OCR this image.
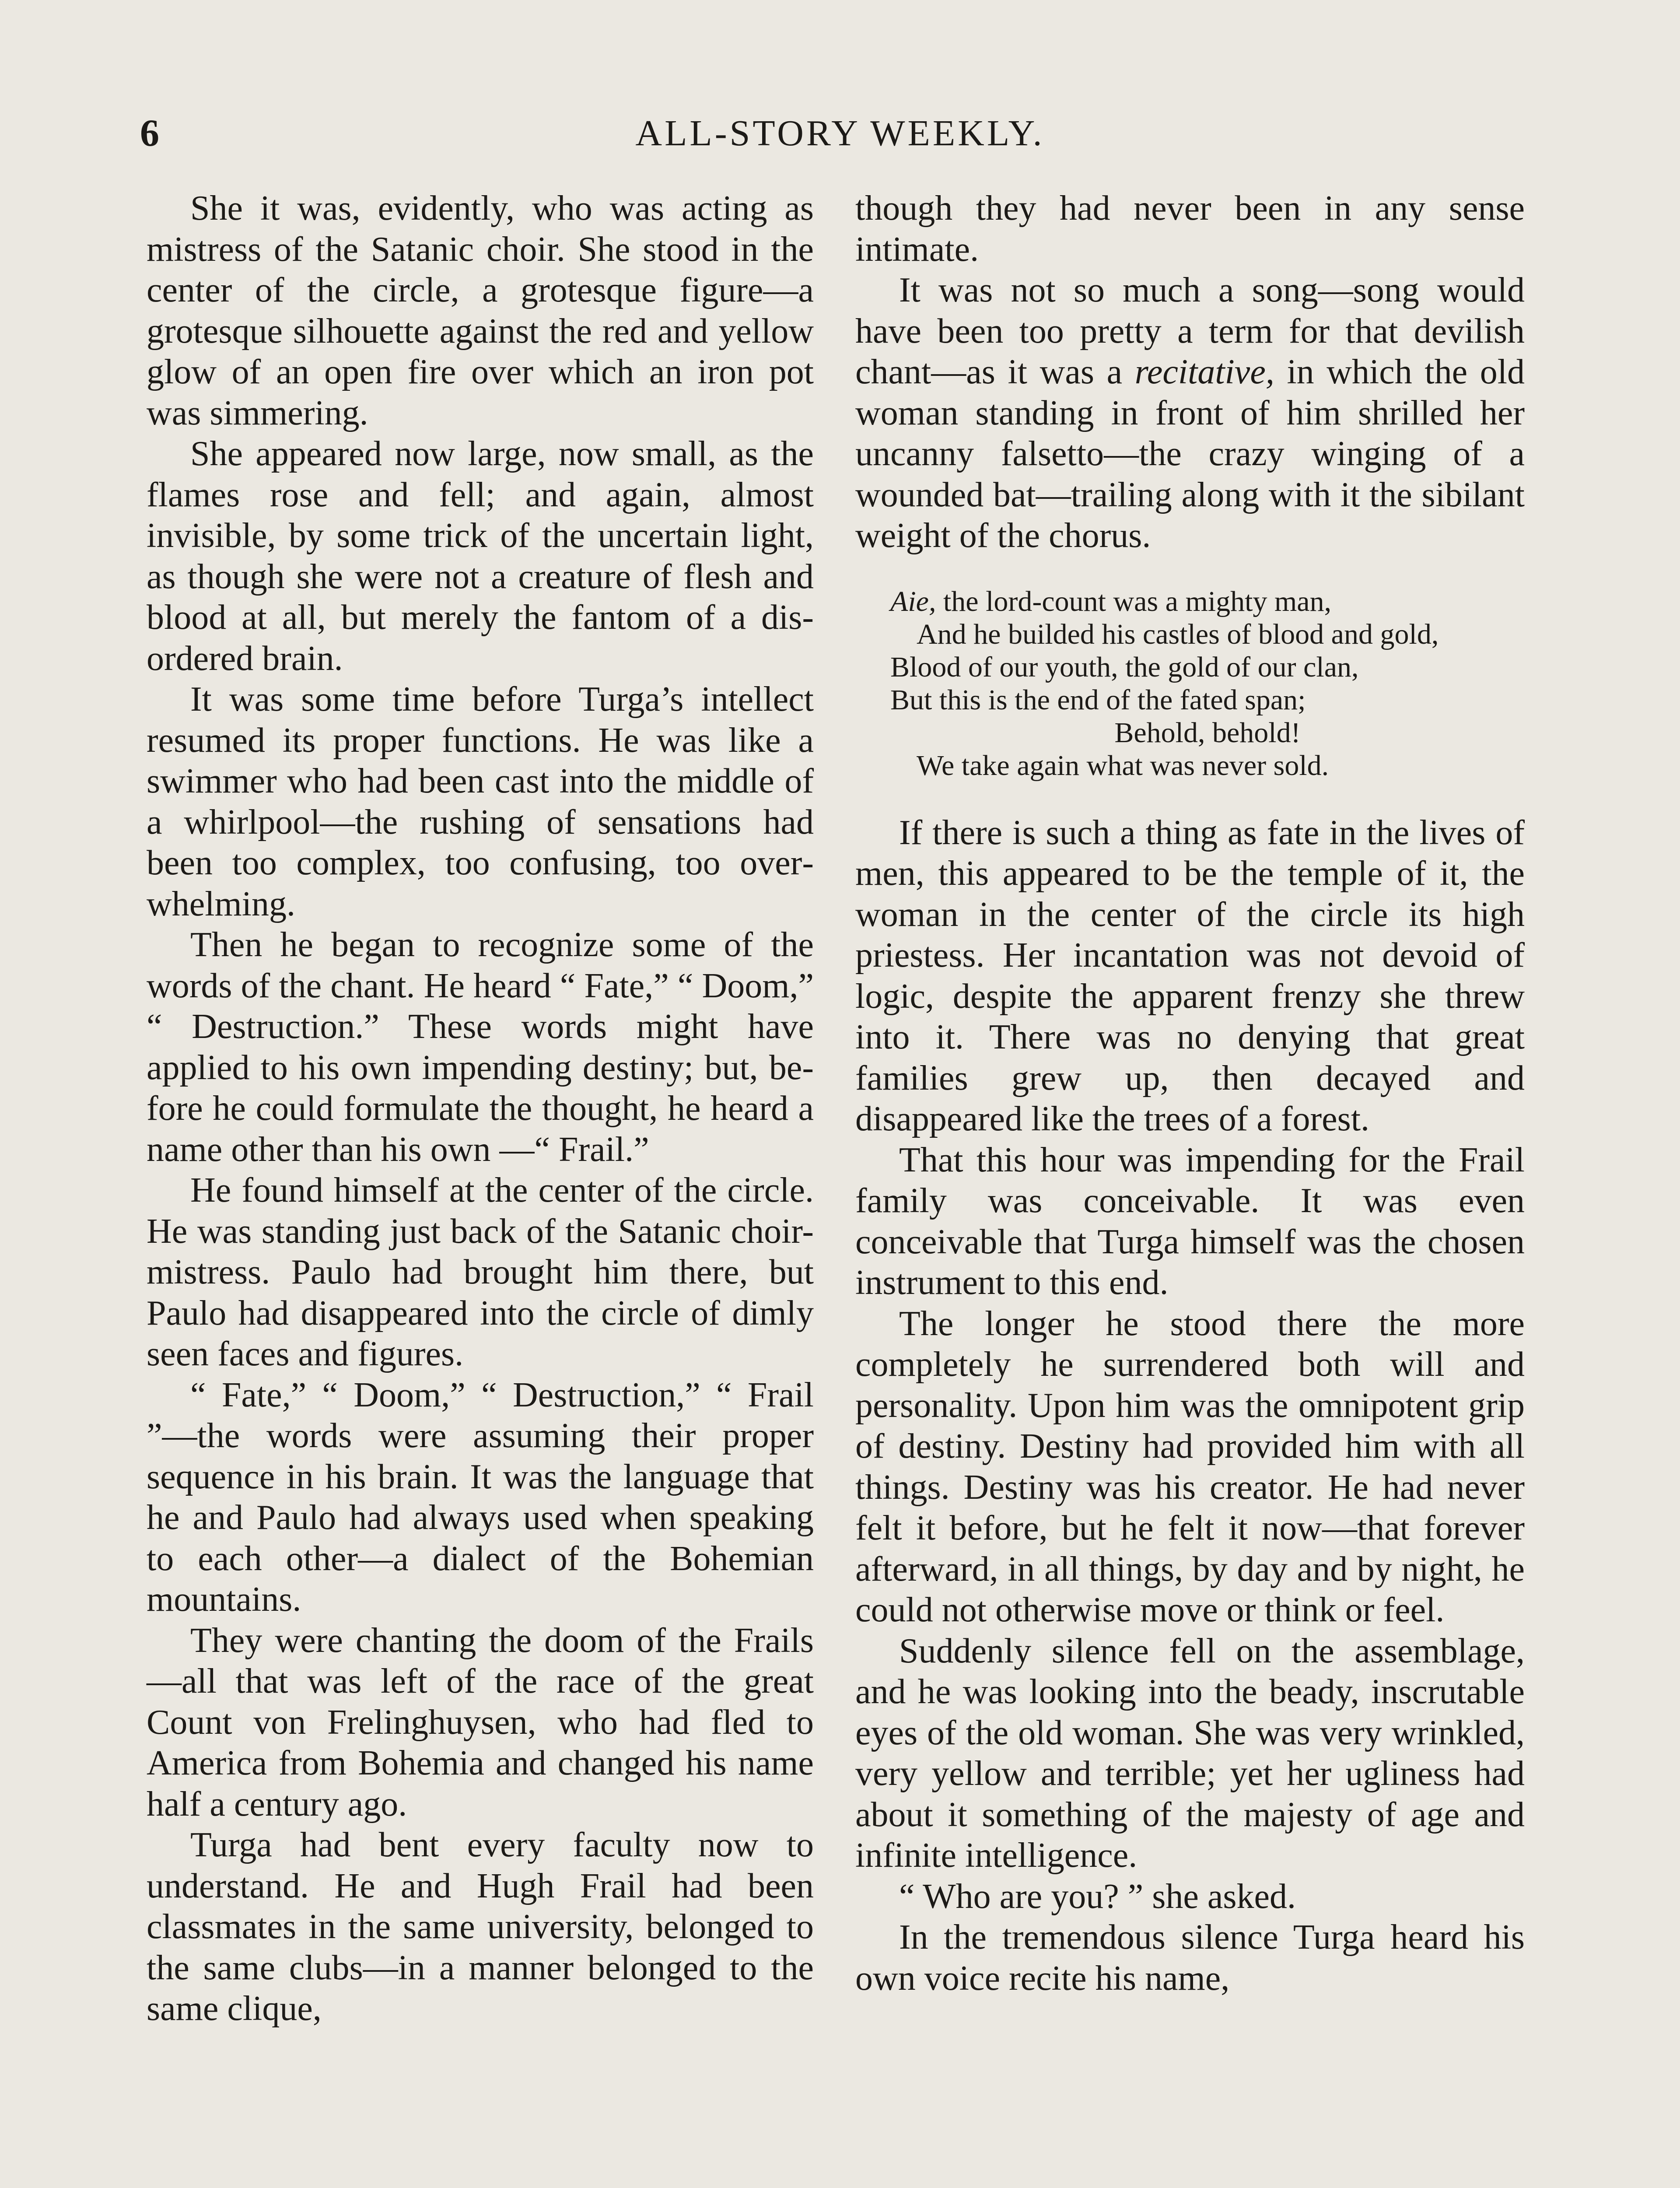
6	ALL-STORY WEEKLY.

She it was, evidently, who was acting as mistress of the Satanic choir. She stood in the center of the circle, a grotesque figure—a grotesque silhouette against the red and yellow glow of an open fire over which an iron pot was simmering.

She appeared now large, now small, as the flames rose and fell; and again, almost invisible, by some trick of the uncertain light, as though she were not a creature of flesh and blood at all, but merely the fantom of a disordered brain.

It was some time before Turga’s intellect resumed its proper functions. He was like a swimmer who had been cast into the middle of a whirlpool—the rushing of sensations had been too complex, too confusing, too overwhelming.

Then he began to recognize some of the words of the chant. He heard “ Fate,” “ Doom,” “ Destruction.” These words might have applied to his own impending destiny; but, before he could formulate the thought, he heard a name other than his own —“ Frail.”

He found himself at the center of the circle. He was standing just back of the Satanic choir-mistress. Paulo had brought him there, but Paulo had disappeared into the circle of dimly seen faces and figures.

“ Fate,” “ Doom,” “ Destruction,” “ Frail ”—the words were assuming their proper sequence in his brain. It was the language that he and Paulo had always used when speaking to each other—a dialect of the Bohemian mountains.

They were chanting the doom of the Frails—all that was left of the race of the great Count von Frelinghuysen, who had fled to America from Bohemia and changed his name half a century ago.

Turga had bent every faculty now to understand. He and Hugh Frail had been classmates in the same university, belonged to the same clubs—in a manner belonged to the same clique,

though they had never been in any sense intimate.

It was not so much a song—song would have been too pretty a term for that devilish chant—as it was a recitative, in which the old woman standing in front of him shrilled her uncanny falsetto—the crazy winging of a wounded bat—trailing along with it the sibilant weight of the chorus.

Aie, the lord-count was a mighty man,
And he builded his castles of blood and gold,
Blood of our youth, the gold of our clan,
But this is the end of the fated span;
Behold, behold!
We take again what was never sold.

If there is such a thing as fate in the lives of men, this appeared to be the temple of it, the woman in the center of the circle its high priestess. Her incantation was not devoid of logic, despite the apparent frenzy she threw into it. There was no denying that great families grew up, then decayed and disappeared like the trees of a forest.

That this hour was impending for the Frail family was conceivable. It was even conceivable that Turga himself was the chosen instrument to this end.

The longer he stood there the more completely he surrendered both will and personality. Upon him was the omnipotent grip of destiny. Destiny had provided him with all things. Destiny was his creator. He had never felt it before, but he felt it now—that forever afterward, in all things, by day and by night, he could not otherwise move or think or feel.

Suddenly silence fell on the assemblage, and he was looking into the beady, inscrutable eyes of the old woman. She was very wrinkled, very yellow and terrible; yet her ugliness had about it something of the majesty of age and infinite intelligence.

“ Who are you? ” she asked.

In the tremendous silence Turga heard his own voice recite his name,
